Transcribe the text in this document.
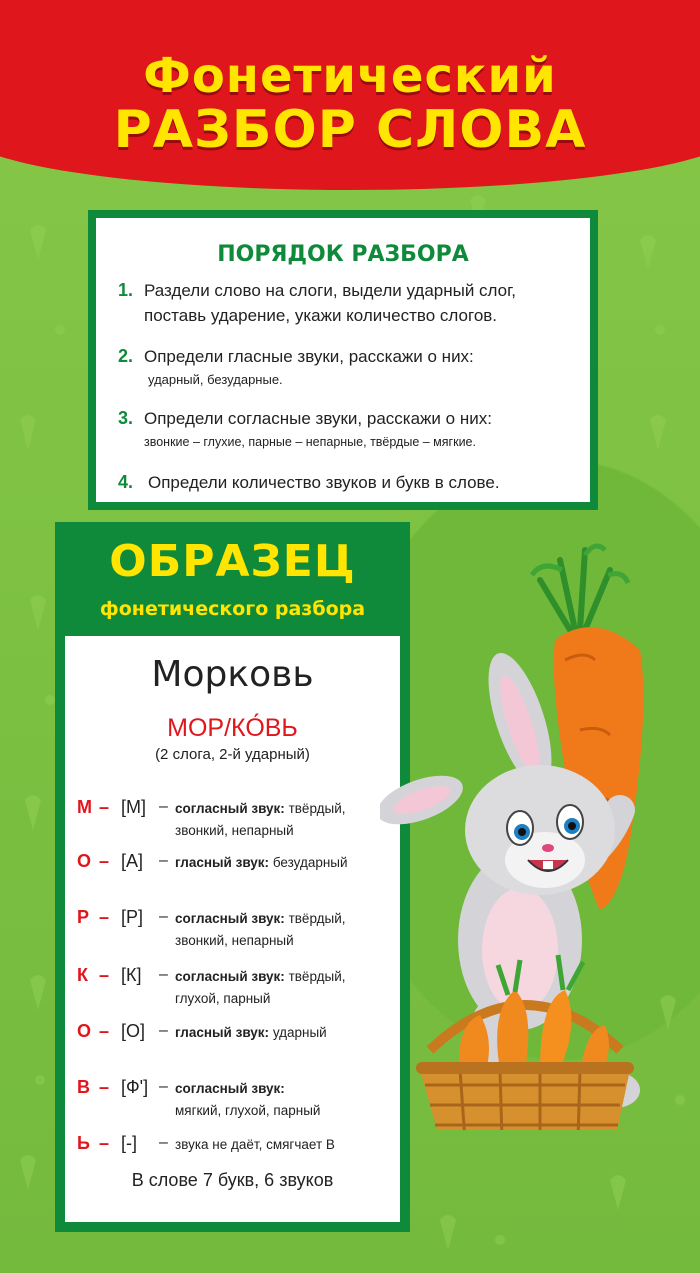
Фонетический
РАЗБОР СЛОВА
ПОРЯДОК РАЗБОРА
1. Раздели слово на слоги, выдели ударный слог,
поставь ударение, укажи количество слогов.
2. Определи гласные звуки, расскажи о них:
ударный, безударные.
3. Определи согласные звуки, расскажи о них:
звонкие – глухие, парные – непарные, твёрдые – мягкие.
4. Определи количество звуков и букв в слове.
ОБРАЗЕЦ
фонетического разбора
Морковь
МОР/КО́ВЬ
(2 слога, 2-й ударный)
М – [М] – согласный звук: твёрдый,
звонкий, непарный
О – [А] – гласный звук: безударный
Р – [Р] – согласный звук: твёрдый,
звонкий, непарный
К – [К] – согласный звук: твёрдый,
глухой, парный
О – [О] – гласный звук: ударный
В – [Ф'] – согласный звук:
мягкий, глухой, парный
Ь – [-] – звука не даёт, смягчает В
В слове 7 букв, 6 звуков
